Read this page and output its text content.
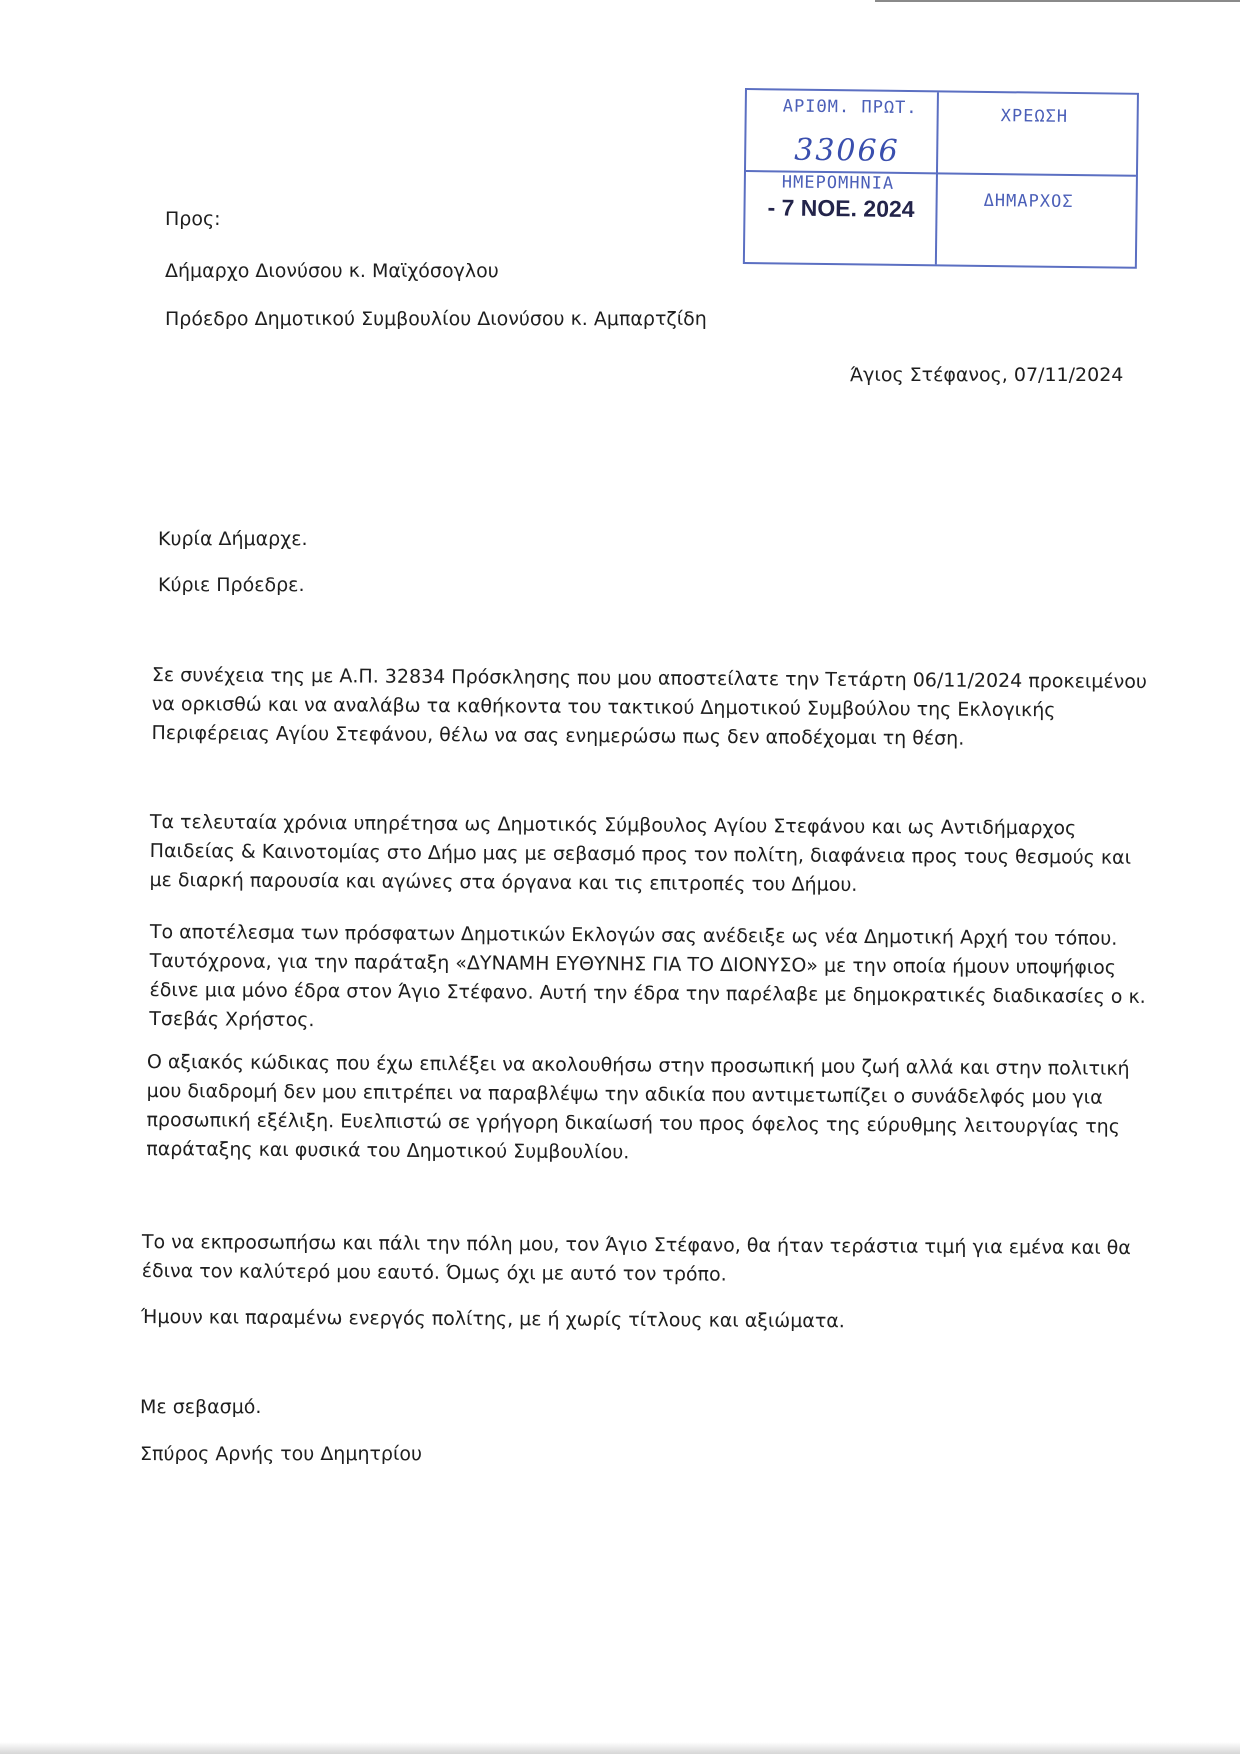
ΑΡΙΘΜ. ΠΡΩΤ.
33066
ΧΡΕΩΣΗ
ΗΜΕΡΟΜΗΝΙΑ
- 7 ΝΟΕ. 2024	ΔΗΜΑΡΧΟΣ
Προς:
Δήμαρχο Διονύσου κ. Μαϊχόσογλου
Πρόεδρο Δημοτικού Συμβουλίου Διονύσου κ. Αμπαρτζίδη
Άγιος Στέφανος, 07/11/2024
Κυρία Δήμαρχε.
Κύριε Πρόεδρε.
Σε συνέχεια της με Α.Π. 32834 Πρόσκλησης που μου αποστείλατε την Τετάρτη 06/11/2024 προκειμένου
να ορκισθώ και να αναλάβω τα καθήκοντα του τακτικού Δημοτικού Συμβούλου της Εκλογικής
Περιφέρειας Αγίου Στεφάνου, θέλω να σας ενημερώσω πως δεν αποδέχομαι τη θέση.
Τα τελευταία χρόνια υπηρέτησα ως Δημοτικός Σύμβουλος Αγίου Στεφάνου και ως Αντιδήμαρχος
Παιδείας & Καινοτομίας στο Δήμο μας με σεβασμό προς τον πολίτη, διαφάνεια προς τους θεσμούς και
με διαρκή παρουσία και αγώνες στα όργανα και τις επιτροπές του Δήμου.
Το αποτέλεσμα των πρόσφατων Δημοτικών Εκλογών σας ανέδειξε ως νέα Δημοτική Αρχή του τόπου.
Ταυτόχρονα, για την παράταξη «ΔΥΝΑΜΗ ΕΥΘΥΝΗΣ ΓΙΑ ΤΟ ΔΙΟΝΥΣΟ» με την οποία ήμουν υποψήφιος
έδινε μια μόνο έδρα στον Άγιο Στέφανο. Αυτή την έδρα την παρέλαβε με δημοκρατικές διαδικασίες ο κ.
Τσεβάς Χρήστος.
Ο αξιακός κώδικας που έχω επιλέξει να ακολουθήσω στην προσωπική μου ζωή αλλά και στην πολιτική
μου διαδρομή δεν μου επιτρέπει να παραβλέψω την αδικία που αντιμετωπίζει ο συνάδελφός μου για
προσωπική εξέλιξη. Ευελπιστώ σε γρήγορη δικαίωσή του προς όφελος της εύρυθμης λειτουργίας της
παράταξης και φυσικά του Δημοτικού Συμβουλίου.
Το να εκπροσωπήσω και πάλι την πόλη μου, τον Άγιο Στέφανο, θα ήταν τεράστια τιμή για εμένα και θα
έδινα τον καλύτερό μου εαυτό. Όμως όχι με αυτό τον τρόπο.
Ήμουν και παραμένω ενεργός πολίτης, με ή χωρίς τίτλους και αξιώματα.
Με σεβασμό.
Σπύρος Αρνής του Δημητρίου
